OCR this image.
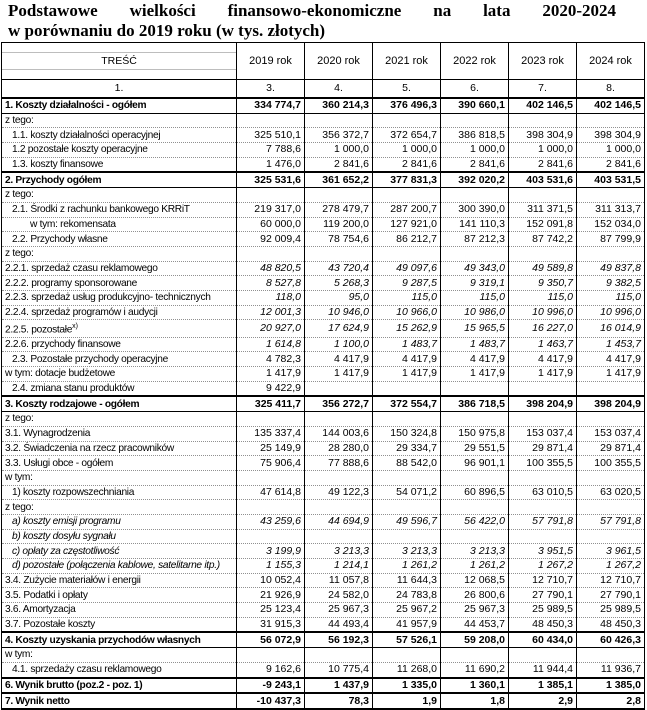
Podstawowe wielkości finansowo-ekonomiczne na lata 2020-2024
w porównaniu do 2019 roku (w tys. złotych)
TREŚĆ	2019 rok	2020 rok	2021 rok	2022 rok	2023 rok	2024 rok
1.	3.	4.	5.	6.	7.	8.
1. Koszty działalności - ogółem	334 774,7	360 214,3	376 496,3	390 660,1	402 146,5	402 146,5
z tego:						
1.1. koszty działalności operacyjnej	325 510,1	356 372,7	372 654,7	386 818,5	398 304,9	398 304,9
1.2 pozostałe koszty operacyjne	7 788,6	1 000,0	1 000,0	1 000,0	1 000,0	1 000,0
1.3. koszty finansowe	1 476,0	2 841,6	2 841,6	2 841,6	2 841,6	2 841,6
2. Przychody ogółem	325 531,6	361 652,2	377 831,3	392 020,2	403 531,6	403 531,5
z tego:						
2.1. Środki z rachunku bankowego KRRiT	219 317,0	278 479,7	287 200,7	300 390,0	311 371,5	311 313,7
w tym: rekomensata	60 000,0	119 200,0	127 921,0	141 110,3	152 091,8	152 034,0
2.2. Przychody własne	92 009,4	78 754,6	86 212,7	87 212,3	87 742,2	87 799,9
z tego:						
2.2.1. sprzedaż czasu reklamowego	48 820,5	43 720,4	49 097,6	49 343,0	49 589,8	49 837,8
2.2.2. programy sponsorowane	8 527,8	5 268,3	9 287,5	9 319,1	9 350,7	9 382,5
2.2.3. sprzedaż usług produkcyjno- technicznych	118,0	95,0	115,0	115,0	115,0	115,0
2.2.4. sprzedaż programów i audycji	12 001,3	10 946,0	10 966,0	10 986,0	10 996,0	10 996,0
2.2.5. pozostałe$^{x)}$	20 927,0	17 624,9	15 262,9	15 965,5	16 227,0	16 014,9
2.2.6. przychody finansowe	1 614,8	1 100,0	1 483,7	1 483,7	1 463,7	1 453,7
2.3. Pozostałe przychody operacyjne	4 782,3	4 417,9	4 417,9	4 417,9	4 417,9	4 417,9
w tym: dotacje budżetowe	1 417,9	1 417,9	1 417,9	1 417,9	1 417,9	1 417,9
2.4. zmiana stanu produktów	9 422,9					
3. Koszty rodzajowe - ogółem	325 411,7	356 272,7	372 554,7	386 718,5	398 204,9	398 204,9
z tego:						
3.1. Wynagrodzenia	135 337,4	144 003,6	150 324,8	150 975,8	153 037,4	153 037,4
3.2. Świadczenia na rzecz pracowników	25 149,9	28 280,0	29 334,7	29 551,5	29 871,4	29 871,4
3.3. Usługi obce - ogółem	75 906,4	77 888,6	88 542,0	96 901,1	100 355,5	100 355,5
w tym:						
1) koszty rozpowszechniania	47 614,8	49 122,3	54 071,2	60 896,5	63 010,5	63 020,5
z tego:						
a) koszty emisji programu	43 259,6	44 694,9	49 596,7	56 422,0	57 791,8	57 791,8
b) koszty dosyłu sygnału						
c) opłaty za częstotliwość	3 199,9	3 213,3	3 213,3	3 213,3	3 951,5	3 961,5
d) pozostałe (połączenia kablowe, satelitarne itp.)	1 155,3	1 214,1	1 261,2	1 261,2	1 267,2	1 267,2
3.4. Zużycie materiałów i energii	10 052,4	11 057,8	11 644,3	12 068,5	12 710,7	12 710,7
3.5. Podatki i opłaty	21 926,9	24 582,0	24 783,8	26 800,6	27 790,1	27 790,1
3.6. Amortyzacja	25 123,4	25 967,3	25 967,2	25 967,3	25 989,5	25 989,5
3.7. Pozostałe koszty	31 915,3	44 493,4	41 957,9	44 453,7	48 450,3	48 450,3
4. Koszty uzyskania przychodów własnych	56 072,9	56 192,3	57 526,1	59 208,0	60 434,0	60 426,3
w tym:						
4.1. sprzedaży czasu reklamowego	9 162,6	10 775,4	11 268,0	11 690,2	11 944,4	11 936,7
6. Wynik brutto (poz.2 - poz. 1)	-9 243,1	1 437,9	1 335,0	1 360,1	1 385,1	1 385,0
7. Wynik netto	-10 437,3	78,3	1,9	1,8	2,9	2,8
